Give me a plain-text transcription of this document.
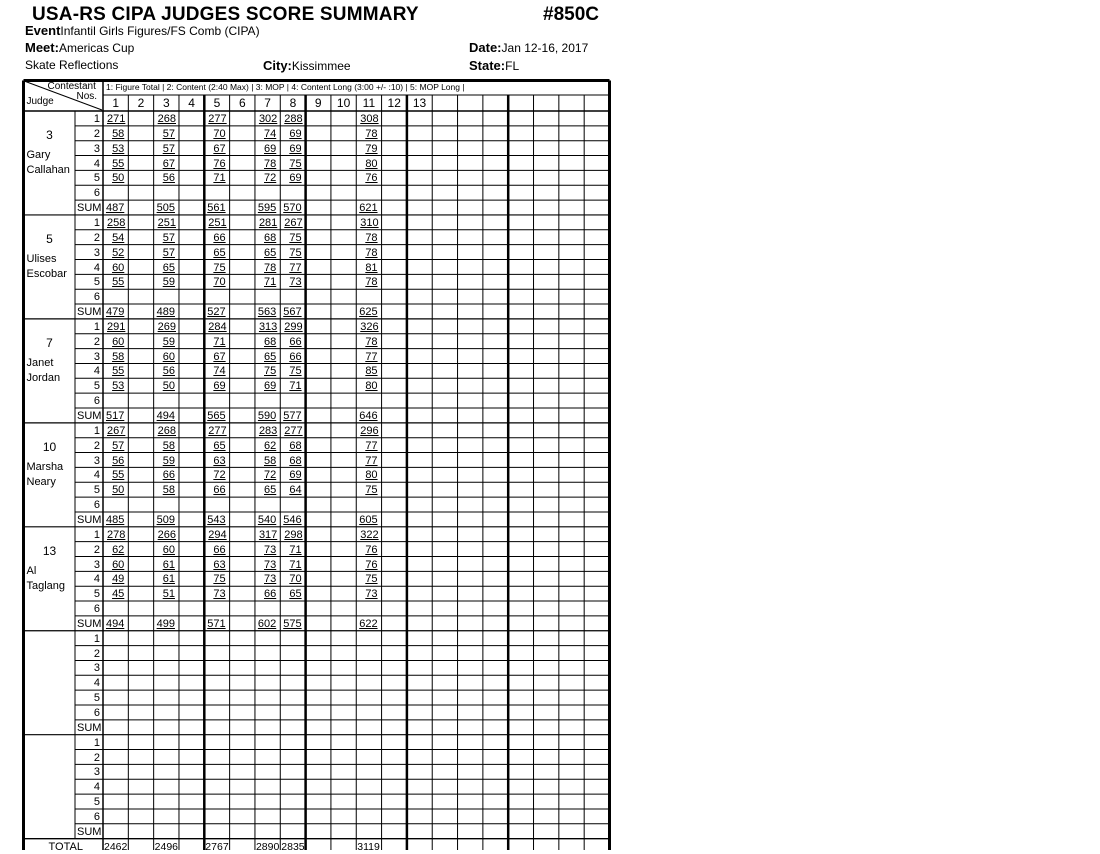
USA-RS CIPA JUDGES SCORE SUMMARY	#850C
EventInfantil Girls Figures/FS Comb (CIPA)
Meet:Americas Cup	Date:Jan 12-16, 2017
Skate Reflections	City:Kissimmee	State:FL
Contestant
Nos.
Judge
1: Figure Total | 2: Content (2:40 Max) | 3: MOP | 4: Content Long (3:00 +/- :10) | 5: MOP Long |
1	2	3	4	5	6	7	8	9	10	11	12 13
3
Gary
Callahan
1 271	268	277	302 288	308
2	58	57	70	74	69	78
3	53	57	67	69	69	79
4	55	67	76	78	75	80
5	50	56	71	72	69	76
6
SUM 487	505	561	595 570	621
5
Ulises
Escobar
1 258	251	251	281 267	310
2	54	57	66	68	75	78
3	52	57	65	65	75	78
4	60	65	75	78	77	81
5	55	59	70	71	73	78
6
SUM 479	489	527	563 567	625
7
Janet
Jordan
1 291	269	284	313 299	326
2	60	59	71	68	66	78
3	58	60	67	65	66	77
4	55	56	74	75	75	85
5	53	50	69	69	71	80
6
SUM 517	494	565	590 577	646
10
Marsha
Neary
1 267	268	277	283 277	296
2	57	58	65	62	68	77
3	56	59	63	58	68	77
4	55	66	72	72	69	80
5	50	58	66	65	64	75
6
SUM 485	509	543	540 546	605
13
Al
Taglang
1 278	266	294	317 298	322
2	62	60	66	73	71	76
3	60	61	63	73	71	76
4	49	61	75	73	70	75
5	45	51	73	66	65	73
6
SUM 494	499	571	602 575	622
1
2
3
4
5
6
SUM
1
2
3
4
5
6
SUM
TOTAL 2462	2496	2767	2890 2835	3119
